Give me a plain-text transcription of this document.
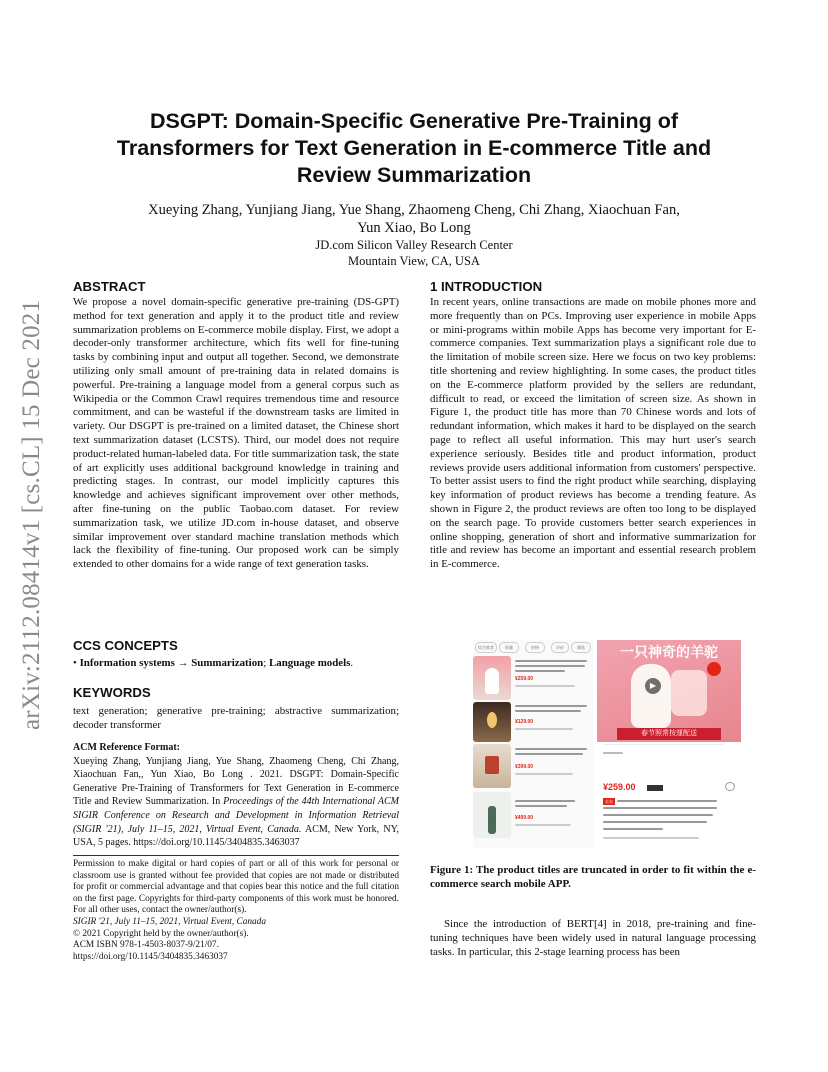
DSGPT: Domain-Specific Generative Pre-Training of
Transformers for Text Generation in E-commerce Title and
Review Summarization
Xueying Zhang, Yunjiang Jiang, Yue Shang, Zhaomeng Cheng, Chi Zhang, Xiaochuan Fan,
Yun Xiao, Bo Long
JD.com Silicon Valley Research Center
Mountain View, CA, USA
arXiv:2112.08414v1 [cs.CL] 15 Dec 2021
ABSTRACT
We propose a novel domain-specific generative pre-training (DS-GPT) method for text generation and apply it to the product title and review summarization problems on E-commerce mobile display. First, we adopt a decoder-only transformer architecture, which fits well for fine-tuning tasks by combining input and output all together. Second, we demonstrate utilizing only small amount of pre-training data in related domains is powerful. Pre-training a language model from a general corpus such as Wikipedia or the Common Crawl requires tremendous time and resource commitment, and can be wasteful if the downstream tasks are limited in variety. Our DSGPT is pre-trained on a limited dataset, the Chinese short text summarization dataset (LCSTS). Third, our model does not require product-related human-labeled data. For title summarization task, the state of art explicitly uses additional background knowledge in training and predicting stages. In contrast, our model implicitly captures this knowledge and achieves significant improvement over other methods, after fine-tuning on the public Taobao.com dataset. For review summarization task, we utilize JD.com in-house dataset, and observe similar improvement over standard machine translation methods which lack the flexibility of fine-tuning. Our proposed work can be simply extended to other domains for a wide range of text generation tasks.
CCS CONCEPTS
• Information systems → Summarization; Language models.
KEYWORDS
text generation; generative pre-training; abstractive summarization; decoder transformer
ACM Reference Format:
Xueying Zhang, Yunjiang Jiang, Yue Shang, Zhaomeng Cheng, Chi Zhang, Xiaochuan Fan,, Yun Xiao, Bo Long . 2021. DSGPT: Domain-Specific Generative Pre-Training of Transformers for Text Generation in E-commerce Title and Review Summarization. In Proceedings of the 44th International ACM SIGIR Conference on Research and Development in Information Retrieval (SIGIR '21), July 11–15, 2021, Virtual Event, Canada. ACM, New York, NY, USA, 5 pages. https://doi.org/10.1145/3404835.3463037
Permission to make digital or hard copies of part or all of this work for personal or classroom use is granted without fee provided that copies are not made or distributed for profit or commercial advantage and that copies bear this notice and the full citation on the first page. Copyrights for third-party components of this work must be honored. For all other uses, contact the owner/author(s).
SIGIR '21, July 11–15, 2021, Virtual Event, Canada
© 2021 Copyright held by the owner/author(s).
ACM ISBN 978-1-4503-8037-9/21/07.
https://doi.org/10.1145/3404835.3463037
1 INTRODUCTION
In recent years, online transactions are made on mobile phones more and more frequently than on PCs. Improving user experience in mobile Apps or mini-programs within mobile Apps has become very important for E-commerce companies. Text summarization plays a significant role due to the limitation of mobile screen size. Here we focus on two key problems: title shortening and review highlighting. In some cases, the product titles on the E-commerce platform provided by the sellers are redundant, difficult to read, or exceed the limitation of screen size. As shown in Figure 1, the product title has more than 70 Chinese words and lots of redundant information, which makes it hard to be displayed on the search page to reflect all useful information. This may hurt user's search experience seriously. Besides title and product information, product reviews provide users additional information from customers' perspective. To better assist users to find the right product while searching, displaying key information of product reviews has become a trending feature. As shown in Figure 2, the product reviews are often too long to be displayed on the search page. To provide customers better search experiences in online shopping, generation of short and informative summarization for title and review has become an important and essential research problem in E-commerce.
综合推荐	销量	价格	评价	筛选
¥259.00
¥129.00
¥399.00
¥499.00
一只神奇的羊驼
▶
春节照常按運配送
¥259.00
京东
Figure 1: The product titles are truncated in order to fit within the e-commerce search mobile APP.
Since the introduction of BERT[4] in 2018, pre-training and fine-tuning techniques have been widely used in natural language processing tasks. In particular, this 2-stage learning process has been
